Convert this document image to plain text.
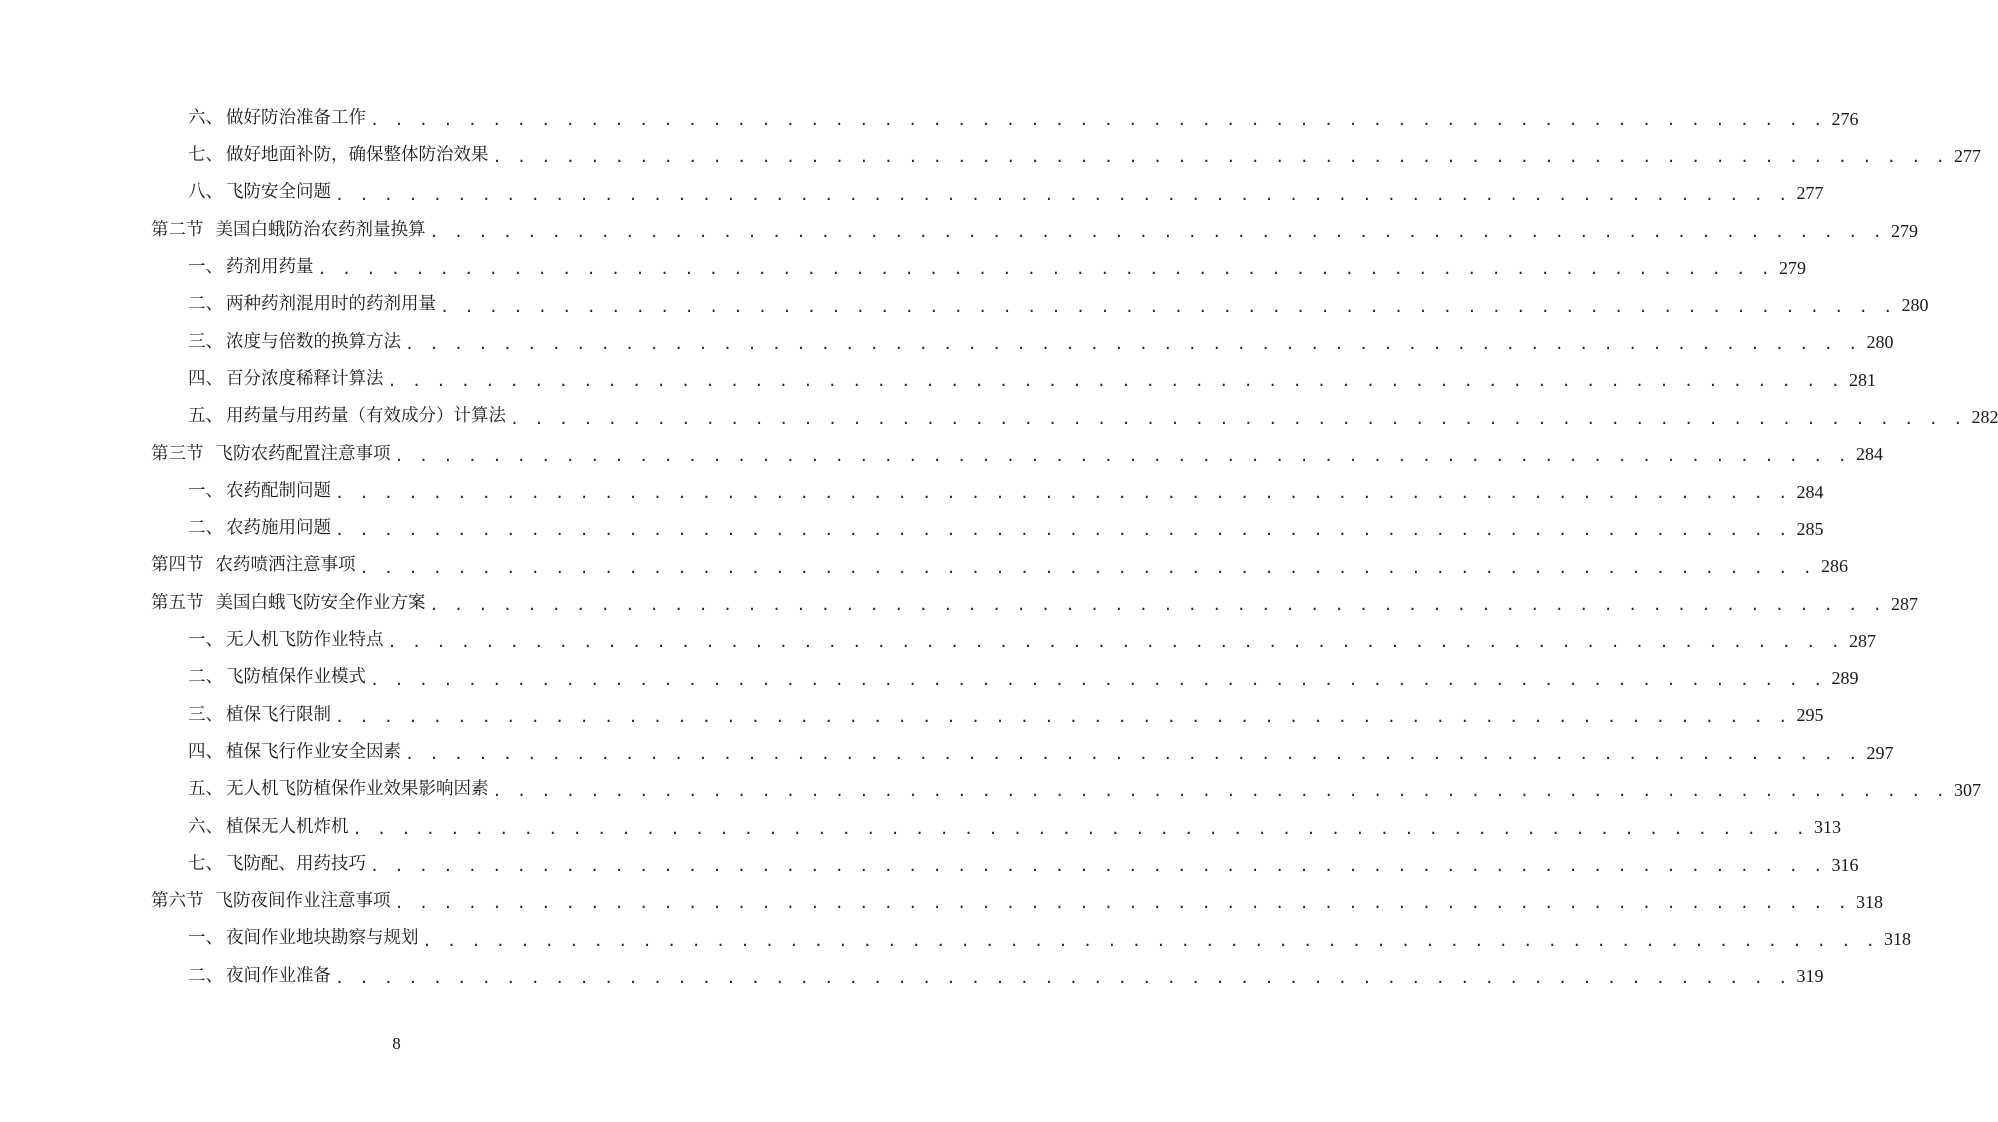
六、 做好防治准备工作 . . . . . . . . . . . . . . . . . . . . . . . . . . . . . . . . . . . . . . . . . . . . . . . . . . . . . . . . . . . . 276
七、 做好地面补防，确保整体防治效果 . . . . . . . . . . . . . . . . . . . . . . . . . . . . . . . . . . . . . . . . . . . . . . . . . . . . . . . . . . . . 277
八、 飞防安全问题 . . . . . . . . . . . . . . . . . . . . . . . . . . . . . . . . . . . . . . . . . . . . . . . . . . . . . . . . . . . . 277
第二节 美国白蛾防治农药剂量换算 . . . . . . . . . . . . . . . . . . . . . . . . . . . . . . . . . . . . . . . . . . . . . . . . . . . . . . . . . . . . 279
一、 药剂用药量 . . . . . . . . . . . . . . . . . . . . . . . . . . . . . . . . . . . . . . . . . . . . . . . . . . . . . . . . . . . . 279
二、 两种药剂混用时的药剂用量 . . . . . . . . . . . . . . . . . . . . . . . . . . . . . . . . . . . . . . . . . . . . . . . . . . . . . . . . . . . . 280
三、 浓度与倍数的换算方法 . . . . . . . . . . . . . . . . . . . . . . . . . . . . . . . . . . . . . . . . . . . . . . . . . . . . . . . . . . . . 280
四、 百分浓度稀释计算法 . . . . . . . . . . . . . . . . . . . . . . . . . . . . . . . . . . . . . . . . . . . . . . . . . . . . . . . . . . . . 281
五、 用药量与用药量（有效成分）计算法 . . . . . . . . . . . . . . . . . . . . . . . . . . . . . . . . . . . . . . . . . . . . . . . . . . . . . . . . . . . . 282
第三节 飞防农药配置注意事项 . . . . . . . . . . . . . . . . . . . . . . . . . . . . . . . . . . . . . . . . . . . . . . . . . . . . . . . . . . . . 284
一、 农药配制问题 . . . . . . . . . . . . . . . . . . . . . . . . . . . . . . . . . . . . . . . . . . . . . . . . . . . . . . . . . . . . 284
二、 农药施用问题 . . . . . . . . . . . . . . . . . . . . . . . . . . . . . . . . . . . . . . . . . . . . . . . . . . . . . . . . . . . . 285
第四节 农药喷洒注意事项 . . . . . . . . . . . . . . . . . . . . . . . . . . . . . . . . . . . . . . . . . . . . . . . . . . . . . . . . . . . . 286
第五节 美国白蛾飞防安全作业方案 . . . . . . . . . . . . . . . . . . . . . . . . . . . . . . . . . . . . . . . . . . . . . . . . . . . . . . . . . . . . 287
一、 无人机飞防作业特点 . . . . . . . . . . . . . . . . . . . . . . . . . . . . . . . . . . . . . . . . . . . . . . . . . . . . . . . . . . . . 287
二、 飞防植保作业模式 . . . . . . . . . . . . . . . . . . . . . . . . . . . . . . . . . . . . . . . . . . . . . . . . . . . . . . . . . . . . 289
三、 植保飞行限制 . . . . . . . . . . . . . . . . . . . . . . . . . . . . . . . . . . . . . . . . . . . . . . . . . . . . . . . . . . . . 295
四、 植保飞行作业安全因素 . . . . . . . . . . . . . . . . . . . . . . . . . . . . . . . . . . . . . . . . . . . . . . . . . . . . . . . . . . . . 297
五、 无人机飞防植保作业效果影响因素 . . . . . . . . . . . . . . . . . . . . . . . . . . . . . . . . . . . . . . . . . . . . . . . . . . . . . . . . . . . . 307
六、 植保无人机炸机 . . . . . . . . . . . . . . . . . . . . . . . . . . . . . . . . . . . . . . . . . . . . . . . . . . . . . . . . . . . . 313
七、 飞防配、用药技巧 . . . . . . . . . . . . . . . . . . . . . . . . . . . . . . . . . . . . . . . . . . . . . . . . . . . . . . . . . . . . 316
第六节 飞防夜间作业注意事项 . . . . . . . . . . . . . . . . . . . . . . . . . . . . . . . . . . . . . . . . . . . . . . . . . . . . . . . . . . . . 318
一、 夜间作业地块勘察与规划 . . . . . . . . . . . . . . . . . . . . . . . . . . . . . . . . . . . . . . . . . . . . . . . . . . . . . . . . . . . . 318
二、 夜间作业准备 . . . . . . . . . . . . . . . . . . . . . . . . . . . . . . . . . . . . . . . . . . . . . . . . . . . . . . . . . . . . 319
8
